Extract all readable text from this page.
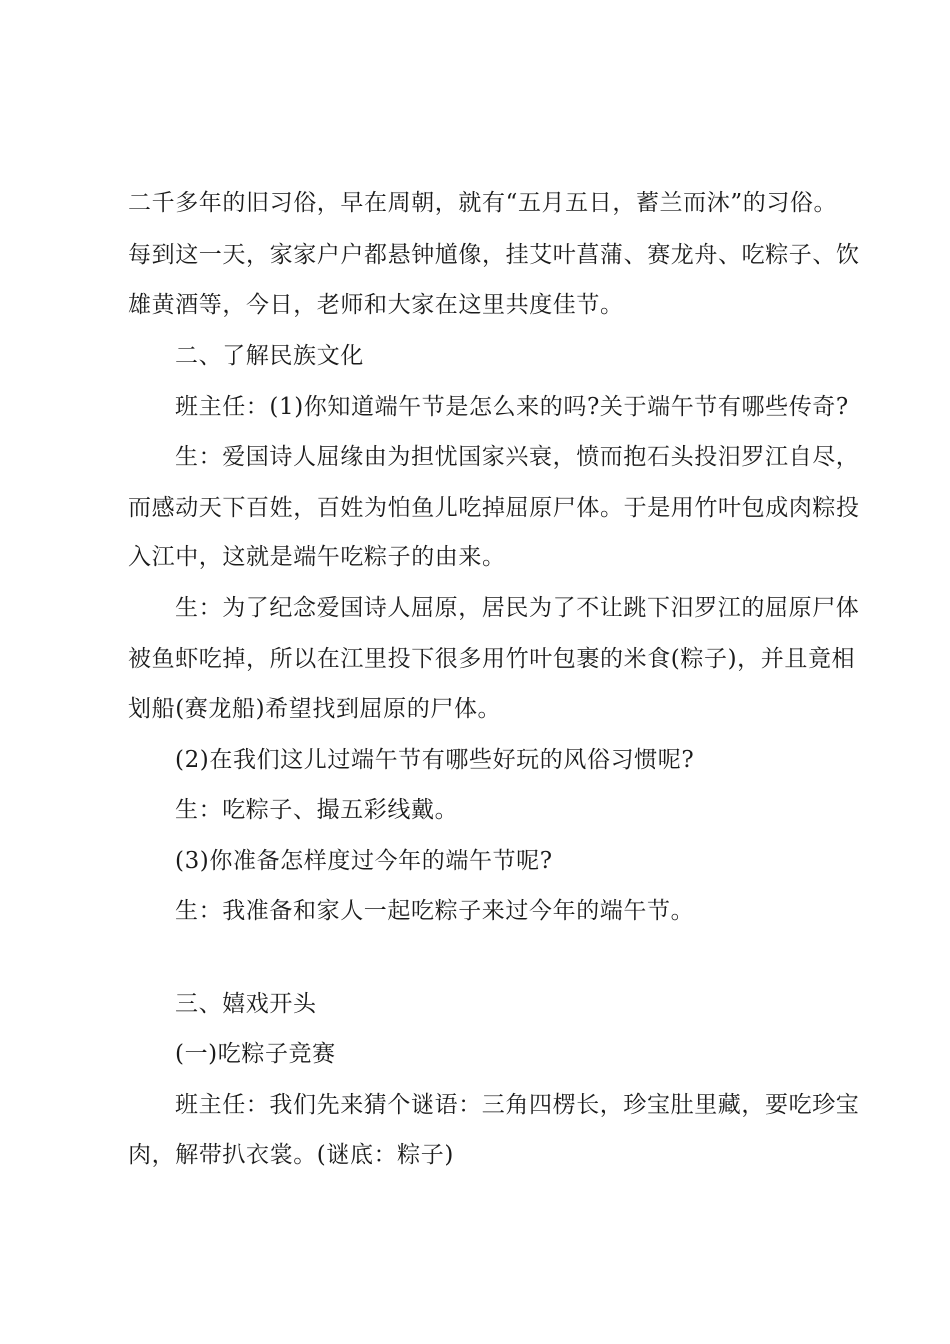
二千多年的旧习俗，早在周朝，就有“五月五日，蓄兰而沐”的习俗。
每到这一天，家家户户都悬钟馗像，挂艾叶菖蒲、赛龙舟、吃粽子、饮
雄黄酒等，今日，老师和大家在这里共度佳节。
二、了解民族文化
班主任：(1)你知道端午节是怎么来的吗?关于端午节有哪些传奇?
生：爱国诗人屈缘由为担忧国家兴衰，愤而抱石头投汨罗江自尽，
而感动天下百姓，百姓为怕鱼儿吃掉屈原尸体。于是用竹叶包成肉粽投
入江中，这就是端午吃粽子的由来。
生：为了纪念爱国诗人屈原，居民为了不让跳下汨罗江的屈原尸体
被鱼虾吃掉，所以在江里投下很多用竹叶包裹的米食(粽子)，并且竟相
划船(赛龙船)希望找到屈原的尸体。
(2)在我们这儿过端午节有哪些好玩的风俗习惯呢?
生：吃粽子、撮五彩线戴。
(3)你准备怎样度过今年的端午节呢?
生：我准备和家人一起吃粽子来过今年的端午节。
三、嬉戏开头
(一)吃粽子竞赛
班主任：我们先来猜个谜语：三角四楞长，珍宝肚里藏，要吃珍宝
肉，解带扒衣裳。(谜底：粽子)
